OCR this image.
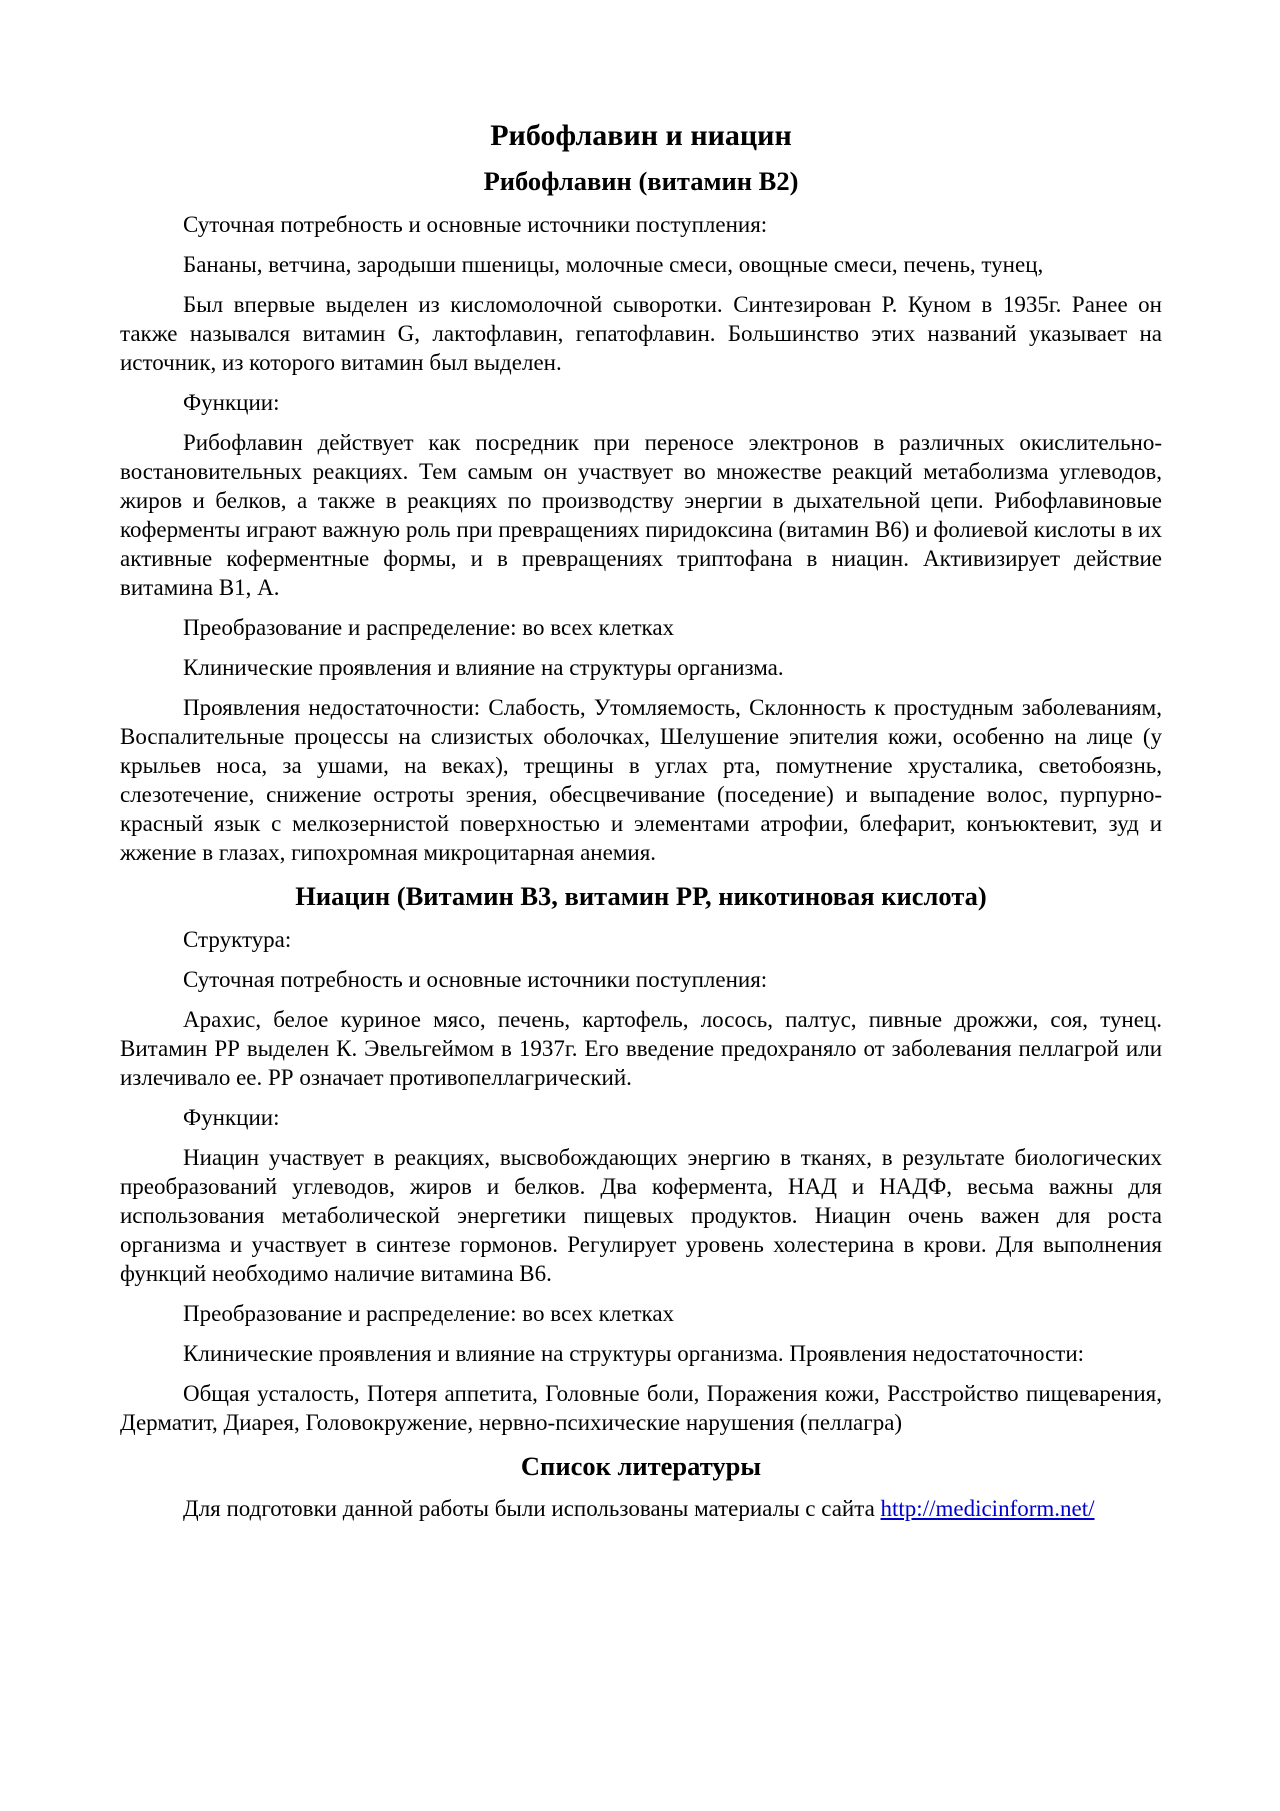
Рибофлавин и ниацин
Рибофлавин (витамин В2)

Суточная потребность и основные источники поступления:

Бананы, ветчина, зародыши пшеницы, молочные смеси, овощные смеси, печень, тунец,

Был впервые выделен из кисломолочной сыворотки. Синтезирован Р. Куном в 1935г. Ранее он также назывался витамин G, лактофлавин, гепатофлавин. Большинство этих названий указывает на источник, из которого витамин был выделен.

Функции:

Рибофлавин действует как посредник при переносе электронов в различных окислительно-востановительных реакциях. Тем самым он участвует во множестве реакций метаболизма углеводов, жиров и белков, а также в реакциях по производству энергии в дыхательной цепи. Рибофлавиновые коферменты играют важную роль при превращениях пиридоксина (витамин В6) и фолиевой кислоты в их активные коферментные формы, и в превращениях триптофана в ниацин. Активизирует действие витамина В1, А.

Преобразование и распределение: во всех клетках

Клинические проявления и влияние на структуры организма.

Проявления недостаточности: Слабость, Утомляемость, Склонность к простудным заболеваниям, Воспалительные процессы на слизистых оболочках, Шелушение эпителия кожи, особенно на лице (у крыльев носа, за ушами, на веках), трещины в углах рта, помутнение хрусталика, светобоязнь, слезотечение, снижение остроты зрения, обесцвечивание (поседение) и выпадение волос, пурпурно-красный язык с мелкозернистой поверхностью и элементами атрофии, блефарит, конъюктевит, зуд и жжение в глазах, гипохромная микроцитарная анемия.

Ниацин (Витамин В3, витамин РР, никотиновая кислота)

Структура:

Суточная потребность и основные источники поступления:

Арахис, белое куриное мясо, печень, картофель, лосось, палтус, пивные дрожжи, соя, тунец. Витамин РР выделен К. Эвельгеймом в 1937г. Его введение предохраняло от заболевания пеллагрой или излечивало ее. РР означает противопеллагрический.

Функции:

Ниацин участвует в реакциях, высвобождающих энергию в тканях, в результате биологических преобразований углеводов, жиров и белков. Два кофермента, НАД и НАДФ, весьма важны для использования метаболической энергетики пищевых продуктов. Ниацин очень важен для роста организма и участвует в синтезе гормонов. Регулирует уровень холестерина в крови. Для выполнения функций необходимо наличие витамина В6.

Преобразование и распределение: во всех клетках

Клинические проявления и влияние на структуры организма. Проявления недостаточности:

Общая усталость, Потеря аппетита, Головные боли, Поражения кожи, Расстройство пищеварения, Дерматит, Диарея, Головокружение, нервно-психические нарушения (пеллагра)

Список литературы

Для подготовки данной работы были использованы материалы с сайта http://medicinform.net/
